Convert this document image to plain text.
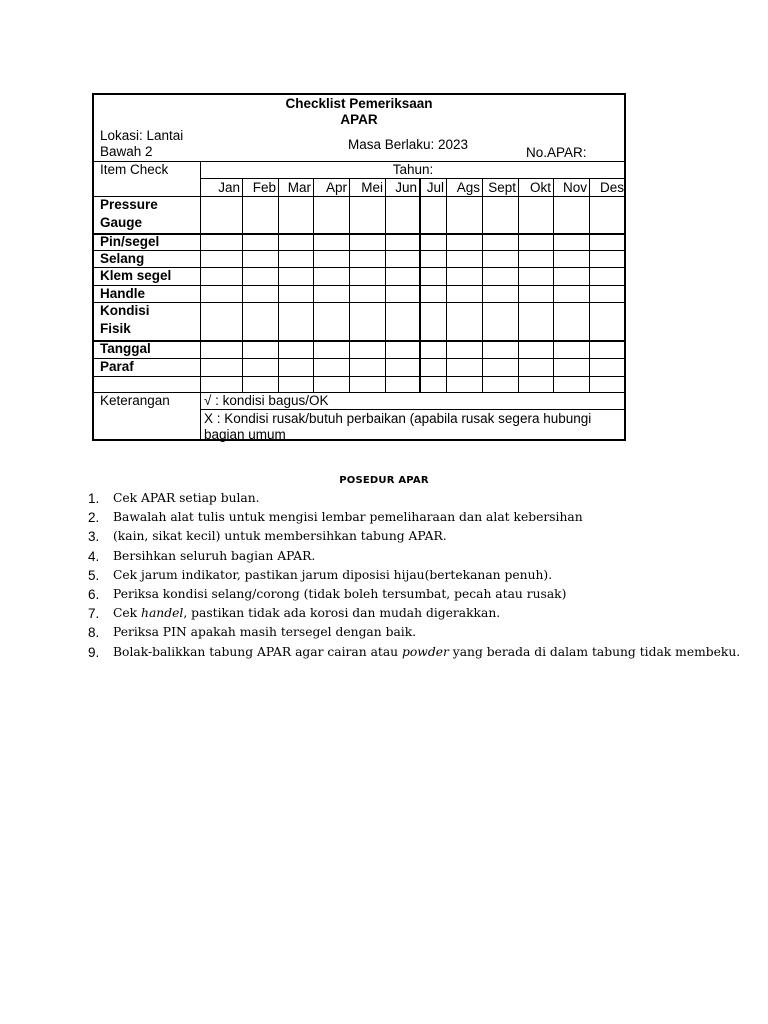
Checklist Pemeriksaan
APAR
Lokasi: Lantai
Bawah 2	Masa Berlaku: 2023
No.APAR:
Item Check	Tahun:
Jan Feb Mar	Apr	Mei Jun Jul Ags Sept	Okt Nov Des
Pressure
Gauge
Pin/segel
Selang
Klem segel
Handle
Kondisi
Fisik
Tanggal
Paraf
Keterangan	√ : kondisi bagus/OK
X : Kondisi rusak/butuh perbaikan (apabila rusak segera hubungi
bagian umum
POSEDUR APAR
1. Cek APAR setiap bulan.
2. Bawalah alat tulis untuk mengisi lembar pemeliharaan dan alat kebersihan
3. (kain, sikat kecil) untuk membersihkan tabung APAR.
4. Bersihkan seluruh bagian APAR.
5. Cek jarum indikator, pastikan jarum diposisi hijau(bertekanan penuh).
6. Periksa kondisi selang/corong (tidak boleh tersumbat, pecah atau rusak)
7. Cek handel, pastikan tidak ada korosi dan mudah digerakkan.
8. Periksa PIN apakah masih tersegel dengan baik.
9. Bolak-balikkan tabung APAR agar cairan atau powder yang berada di dalam tabung tidak membeku.
